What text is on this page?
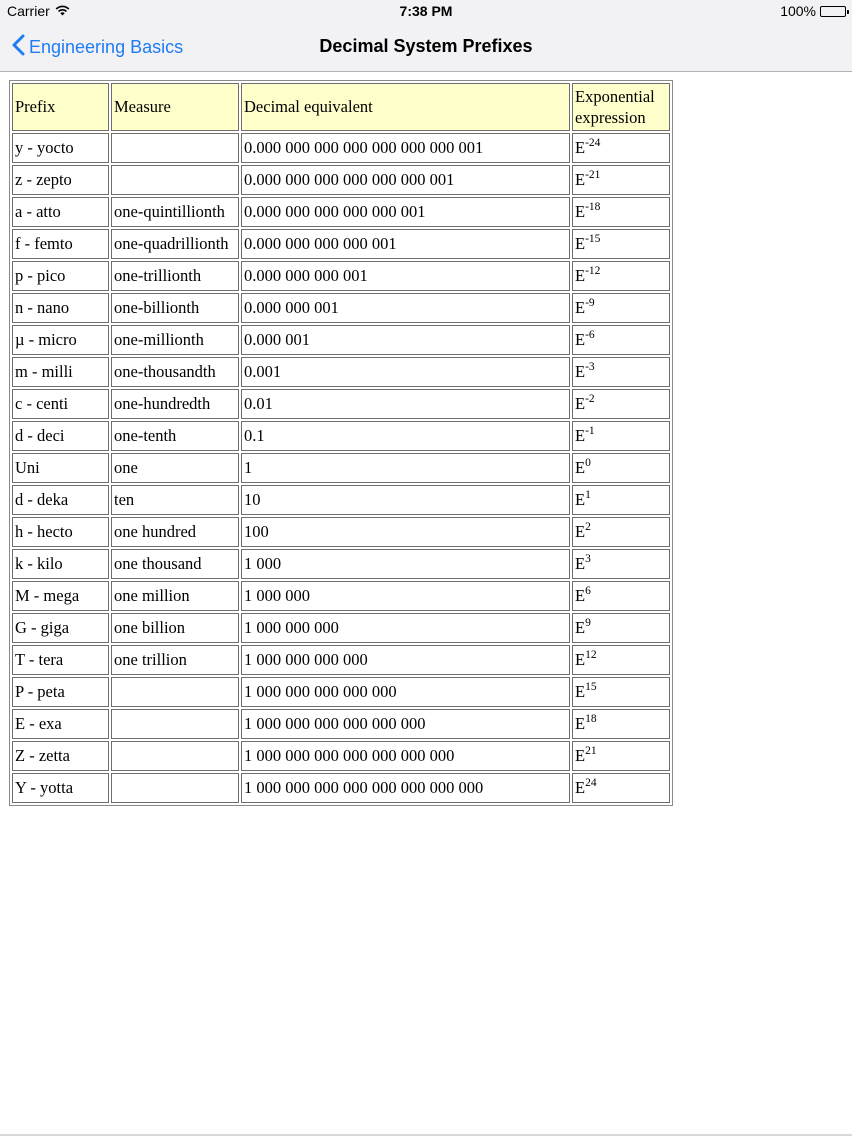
Carrier	7:38 PM	100%
Engineering Basics	Decimal System Prefixes
Prefix	Measure	Decimal equivalent	Exponential
expression
y - yocto		0.000 000 000 000 000 000 000 001	$E^{-24}$
z - zepto		0.000 000 000 000 000 000 001	$E^{-21}$
a - atto	one-quintillionth	0.000 000 000 000 000 001	$E^{-18}$
f - femto	one-quadrillionth	0.000 000 000 000 001	$E^{-15}$
p - pico	one-trillionth	0.000 000 000 001	$E^{-12}$
n - nano	one-billionth	0.000 000 001	$E^{-9}$
µ - micro	one-millionth	0.000 001	$E^{-6}$
m - milli	one-thousandth	0.001	$E^{-3}$
c - centi	one-hundredth	0.01	$E^{-2}$
d - deci	one-tenth	0.1	$E^{-1}$
Uni	one	1	$E^0$
d - deka	ten	10	$E^1$
h - hecto	one hundred	100	$E^2$
k - kilo	one thousand	1 000	$E^3$
M - mega	one million	1 000 000	$E^6$
G - giga	one billion	1 000 000 000	$E^9$
T - tera	one trillion	1 000 000 000 000	$E^{12}$
P - peta		1 000 000 000 000 000	$E^{15}$
E - exa		1 000 000 000 000 000 000	$E^{18}$
Z - zetta		1 000 000 000 000 000 000 000	$E^{21}$
Y - yotta		1 000 000 000 000 000 000 000 000	$E^{24}$
